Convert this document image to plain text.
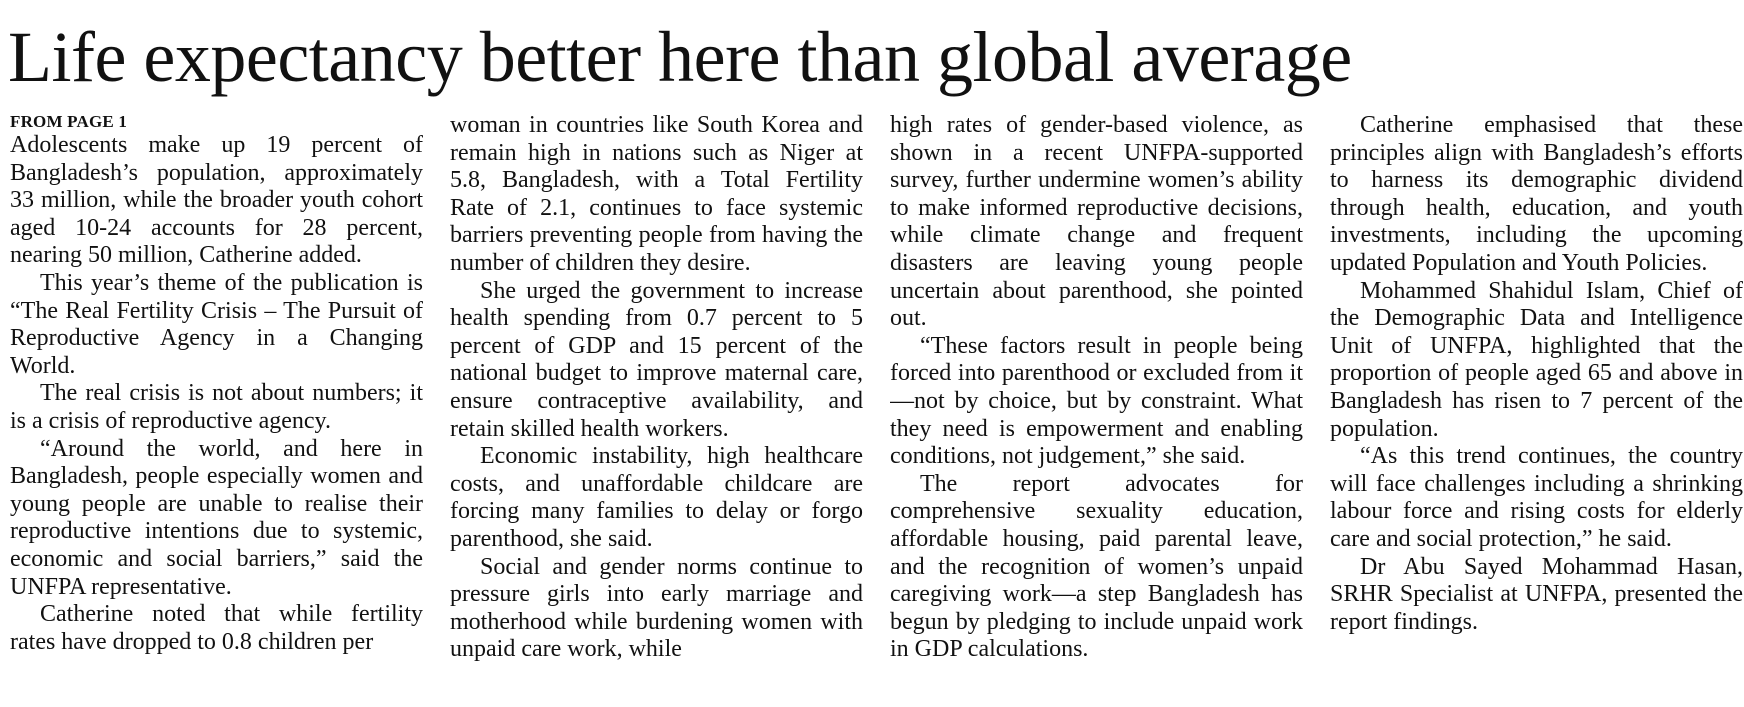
Life expectancy better here than global average

FROM PAGE 1

Adolescents make up 19 percent of Bangladesh’s population, approximately 33 million, while the broader youth cohort aged 10-24 accounts for 28 percent, nearing 50 million, Catherine added.

This year’s theme of the publication is “The Real Fertility Crisis – The Pursuit of Reproductive Agency in a Changing World.

The real crisis is not about numbers; it is a crisis of reproductive agency.

“Around the world, and here in Bangladesh, people especially women and young people are unable to realise their reproductive intentions due to systemic, economic and social barriers,” said the UNFPA representative.

Catherine noted that while fertility rates have dropped to 0.8 children per

woman in countries like South Korea and remain high in nations such as Niger at 5.8, Bangladesh, with a Total Fertility Rate of 2.1, continues to face systemic barriers preventing people from having the number of children they desire.

She urged the government to increase health spending from 0.7 percent to 5 percent of GDP and 15 percent of the national budget to improve maternal care, ensure contraceptive availability, and retain skilled health workers.

Economic instability, high healthcare costs, and unaffordable childcare are forcing many families to delay or forgo parenthood, she said.

Social and gender norms continue to pressure girls into early marriage and motherhood while burdening women with unpaid care work, while

high rates of gender-based violence, as shown in a recent UNFPA-supported survey, further undermine women’s ability to make informed reproductive decisions, while climate change and frequent disasters are leaving young people uncertain about parenthood, she pointed out.

“These factors result in people being forced into parenthood or excluded from it—not by choice, but by constraint. What they need is empowerment and enabling conditions, not judgement,” she said.

The report advocates for comprehensive sexuality education, affordable housing, paid parental leave, and the recognition of women’s unpaid caregiving work—a step Bangladesh has begun by pledging to include unpaid work in GDP calculations.

Catherine emphasised that these principles align with Bangladesh’s efforts to harness its demographic dividend through health, education, and youth investments, including the upcoming updated Population and Youth Policies.

Mohammed Shahidul Islam, Chief of the Demographic Data and Intelligence Unit of UNFPA, highlighted that the proportion of people aged 65 and above in Bangladesh has risen to 7 percent of the population.

“As this trend continues, the country will face challenges including a shrinking labour force and rising costs for elderly care and social protection,” he said.

Dr Abu Sayed Mohammad Hasan, SRHR Specialist at UNFPA, presented the report findings.
